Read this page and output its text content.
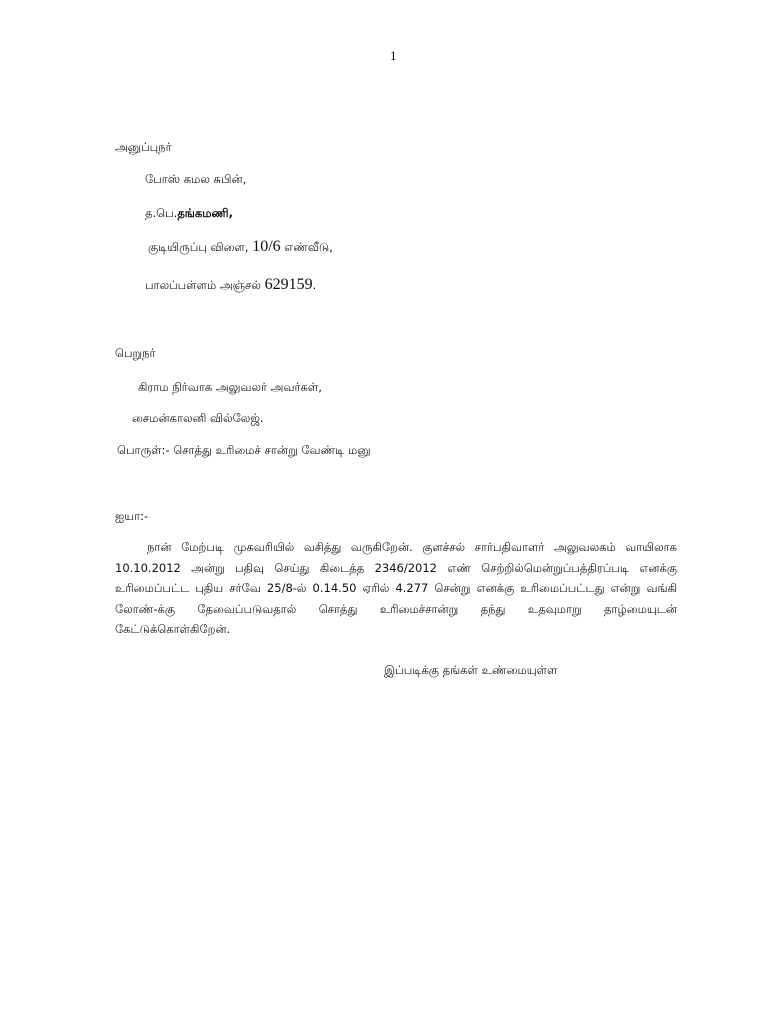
1
அனுப்புநர்
போஸ் கமல சுபின்,
த.பெ.தங்கமணி,
குடியிருப்பு விளை, 10/6 எண்வீடு,
பாலப்பள்ளம் அஞ்சல் 629159.
பெறுநர்
கிராம நிர்வாக அலுவலர் அவர்கள்,
சைமன்காலனி வில்லேஜ்.
பொருள்:- சொத்து உரிமைச் சான்று வேண்டி மனு
ஐயா:-
நான் மேற்படி முகவரியில் வசித்து வருகிறேன். குளச்சல் சார்பதிவாளர் அலுவலகம் வாயிலாக
10.10.2012 அன்று பதிவு செய்து கிடைத்த 2346/2012 எண் செற்றில்மென்றுப்பத்திரப்படி எனக்கு
உரிமைப்பட்ட புதிய சர்வே 25/8-ல் 0.14.50 ஏரில் 4.277 சென்று எனக்கு உரிமைப்பட்டது என்று வங்கி
லோண்-க்கு தேவைப்படுவதால் சொத்து உரிமைச்சான்று தந்து உதவுமாறு தாழ்மையுடன்
கேட்டுக்கொள்கிறேன்.
இப்படிக்கு தங்கள் உண்மையுள்ள
